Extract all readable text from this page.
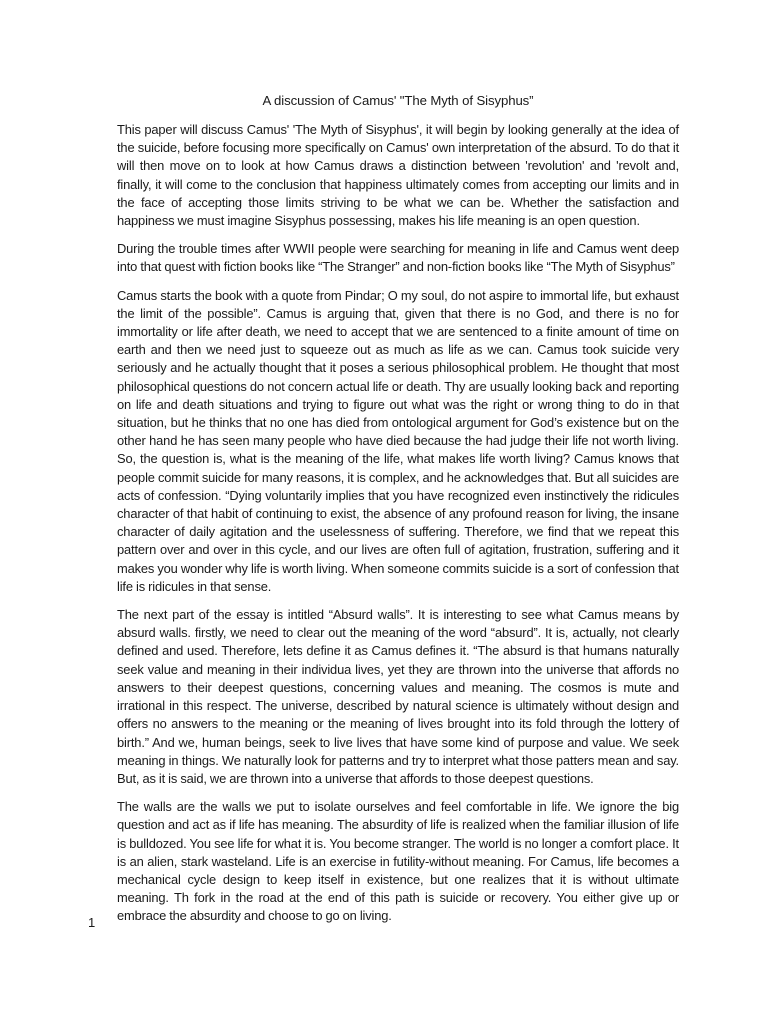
A discussion of Camus' "The Myth of Sisyphus”

This paper will discuss Camus' 'The Myth of Sisyphus', it will begin by looking generally at the idea of the suicide, before focusing more specifically on Camus' own interpretation of the absurd. To do that it will then move on to look at how Camus draws a distinction between 'revolution' and 'revolt and, finally, it will come to the conclusion that happiness ultimately comes from accepting our limits and in the face of accepting those limits striving to be what we can be. Whether the satisfaction and happiness we must imagine Sisyphus possessing, makes his life meaning is an open question.

During the trouble times after WWII people were searching for meaning in life and Camus went deep into that quest with fiction books like “The Stranger” and non-fiction books like “The Myth of Sisyphus”

Camus starts the book with a quote from Pindar; O my soul, do not aspire to immortal life, but exhaust the limit of the possible”. Camus is arguing that, given that there is no God, and there is no for immortality or life after death, we need to accept that we are sentenced to a finite amount of time on earth and then we need just to squeeze out as much as life as we can. Camus took suicide very seriously and he actually thought that it poses a serious philosophical problem. He thought that most philosophical questions do not concern actual life or death. Thy are usually looking back and reporting on life and death situations and trying to figure out what was the right or wrong thing to do in that situation, but he thinks that no one has died from ontological argument for God’s existence but on the other hand he has seen many people who have died because the had judge their life not worth living. So, the question is, what is the meaning of the life, what makes life worth living? Camus knows that people commit suicide for many reasons, it is complex, and he acknowledges that. But all suicides are acts of confession. “Dying voluntarily implies that you have recognized even instinctively the ridicules character of that habit of continuing to exist, the absence of any profound reason for living, the insane character of daily agitation and the uselessness of suffering. Therefore, we find that we repeat this pattern over and over in this cycle, and our lives are often full of agitation, frustration, suffering and it makes you wonder why life is worth living. When someone commits suicide is a sort of confession that life is ridicules in that sense.

The next part of the essay is intitled “Absurd walls”. It is interesting to see what Camus means by absurd walls. firstly, we need to clear out the meaning of the word “absurd”. It is, actually, not clearly defined and used. Therefore, lets define it as Camus defines it. “The absurd is that humans naturally seek value and meaning in their individua lives, yet they are thrown into the universe that affords no answers to their deepest questions, concerning values and meaning. The cosmos is mute and irrational in this respect. The universe, described by natural science is ultimately without design and offers no answers to the meaning or the meaning of lives brought into its fold through the lottery of birth.” And we, human beings, seek to live lives that have some kind of purpose and value. We seek meaning in things. We naturally look for patterns and try to interpret what those patters mean and say. But, as it is said, we are thrown into a universe that affords to those deepest questions.

The walls are the walls we put to isolate ourselves and feel comfortable in life. We ignore the big question and act as if life has meaning. The absurdity of life is realized when the familiar illusion of life is bulldozed. You see life for what it is. You become stranger. The world is no longer a comfort place. It is an alien, stark wasteland. Life is an exercise in futility-without meaning. For Camus, life becomes a mechanical cycle design to keep itself in existence, but one realizes that it is without ultimate meaning. Th fork in the road at the end of this path is suicide or recovery. You either give up or embrace the absurdity and choose to go on living.

1
